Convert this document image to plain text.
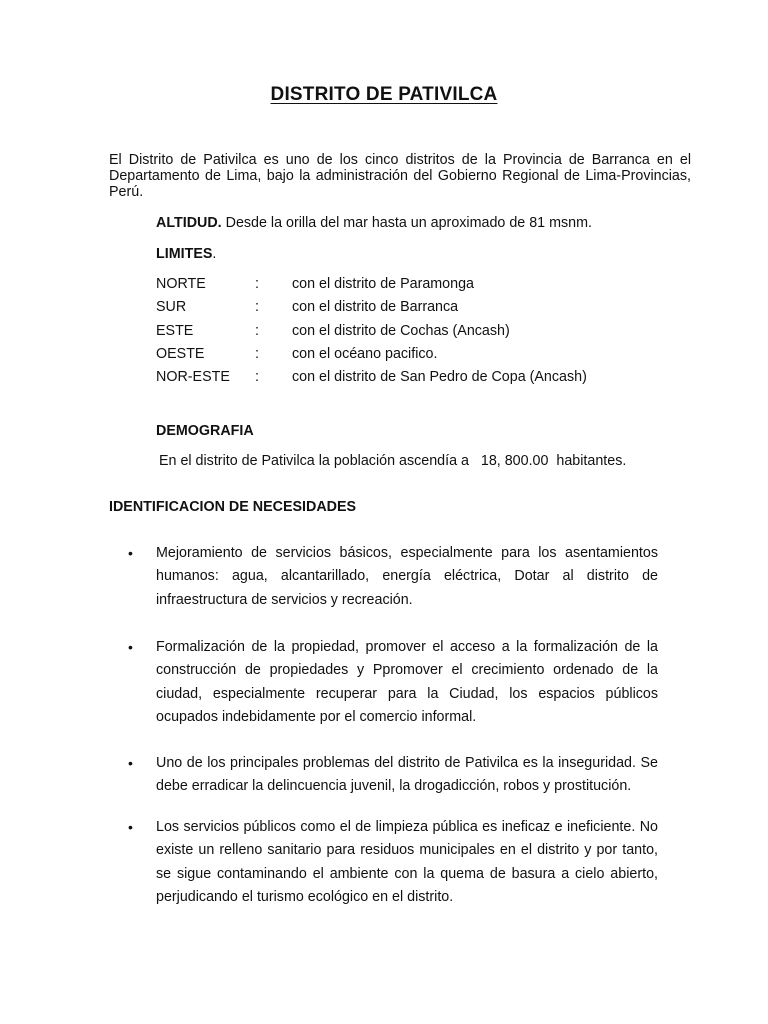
DISTRITO DE PATIVILCA

El Distrito de Pativilca es uno de los cinco distritos de la Provincia de Barranca en el Departamento de Lima, bajo la administración del Gobierno Regional de Lima-Provincias, Perú.

ALTIDUD. Desde la orilla del mar hasta un aproximado de 81 msnm.
LIMITES.
NORTE	: con el distrito de Paramonga
SUR	: con el distrito de Barranca
ESTE	: con el distrito de Cochas (Ancash)
OESTE	: con el océano pacifico.
NOR-ESTE : con el distrito de San Pedro de Copa (Ancash)
DEMOGRAFIA
En el distrito de Pativilca la población ascendía a   18, 800.00  habitantes.
IDENTIFICACION DE NECESIDADES
•	Mejoramiento de servicios básicos, especialmente para los asentamientos humanos: agua, alcantarillado, energía eléctrica, Dotar al distrito de infraestructura de servicios y recreación.

•	Formalización de la propiedad, promover el acceso a la formalización de la construcción de propiedades y Ppromover el crecimiento ordenado de la ciudad, especialmente recuperar para la Ciudad, los espacios públicos ocupados indebidamente por el comercio informal.

•	Uno de los principales problemas del distrito de Pativilca es la inseguridad. Se debe erradicar la delincuencia juvenil, la drogadicción, robos y prostitución.

•	Los servicios públicos como el de limpieza pública es ineficaz e ineficiente. No existe un relleno sanitario para residuos municipales en el distrito y por tanto, se sigue contaminando el ambiente con la quema de basura a cielo abierto, perjudicando el turismo ecológico en el distrito.
